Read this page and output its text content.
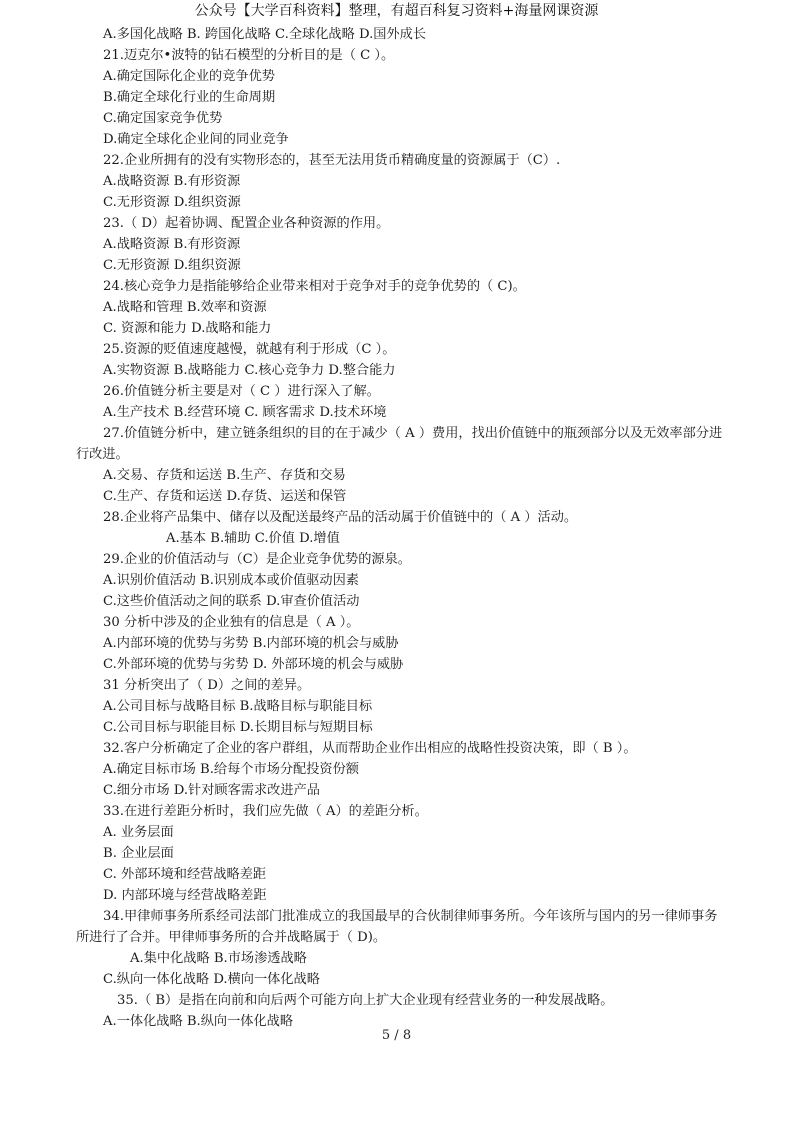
公众号【大学百科资料】整理，有超百科复习资料+海量网课资源
A.多国化战略 B. 跨国化战略 C.全球化战略 D.国外成长
21.迈克尔•波特的钻石模型的分析目的是（ C ）。
A.确定国际化企业的竞争优势
B.确定全球化行业的生命周期
C.确定国家竞争优势
D.确定全球化企业间的同业竞争
22.企业所拥有的没有实物形态的，甚至无法用货币精确度量的资源属于（C）.
A.战略资源 B.有形资源
C.无形资源 D.组织资源
23.（ D）起着协调、配置企业各种资源的作用。
A.战略资源 B.有形资源
C.无形资源 D.组织资源
24.核心竞争力是指能够给企业带来相对于竞争对手的竞争优势的（ C)。
A.战略和管理 B.效率和资源
C. 资源和能力 D.战略和能力
25.资源的贬值速度越慢，就越有利于形成（C ）。
A.实物资源 B.战略能力 C.核心竞争力 D.整合能力
26.价值链分析主要是对（ C ）进行深入了解。
A.生产技术 B.经营环境 C. 顾客需求 D.技术环境
27.价值链分析中，建立链条组织的目的在于减少（ A ）费用，找出价值链中的瓶颈部分以及无效率部分进
行改进。
A.交易、存货和运送 B.生产、存货和交易
C.生产、存货和运送 D.存货、运送和保管
28.企业将产品集中、储存以及配送最终产品的活动属于价值链中的（ A ）活动。
A.基本 B.辅助 C.价值 D.增值
29.企业的价值活动与（C）是企业竞争优势的源泉。
A.识别价值活动 B.识别成本或价值驱动因素
C.这些价值活动之间的联系 D.审查价值活动
30 分析中涉及的企业独有的信息是（ A ）。
A.内部环境的优势与劣势 B.内部环境的机会与威胁
C.外部环境的优势与劣势 D. 外部环境的机会与威胁
31 分析突出了（ D）之间的差异。
A.公司目标与战略目标 B.战略目标与职能目标
C.公司目标与职能目标 D.长期目标与短期目标
32.客户分析确定了企业的客户群组，从而帮助企业作出相应的战略性投资决策，即（ B ）。
A.确定目标市场 B.给每个市场分配投资份额
C.细分市场 D.针对顾客需求改进产品
33.在进行差距分析时，我们应先做（ A）的差距分析。
A. 业务层面
B. 企业层面
C. 外部环境和经营战略差距
D. 内部环境与经营战略差距
34.甲律师事务所系经司法部门批准成立的我国最早的合伙制律师事务所。今年该所与国内的另一律师事务
所进行了合并。甲律师事务所的合并战略属于（ D)。
A.集中化战略 B.市场渗透战略
C.纵向一体化战略 D.横向一体化战略
35.（ B）是指在向前和向后两个可能方向上扩大企业现有经营业务的一种发展战略。
A.一体化战略 B.纵向一体化战略
5 / 8
